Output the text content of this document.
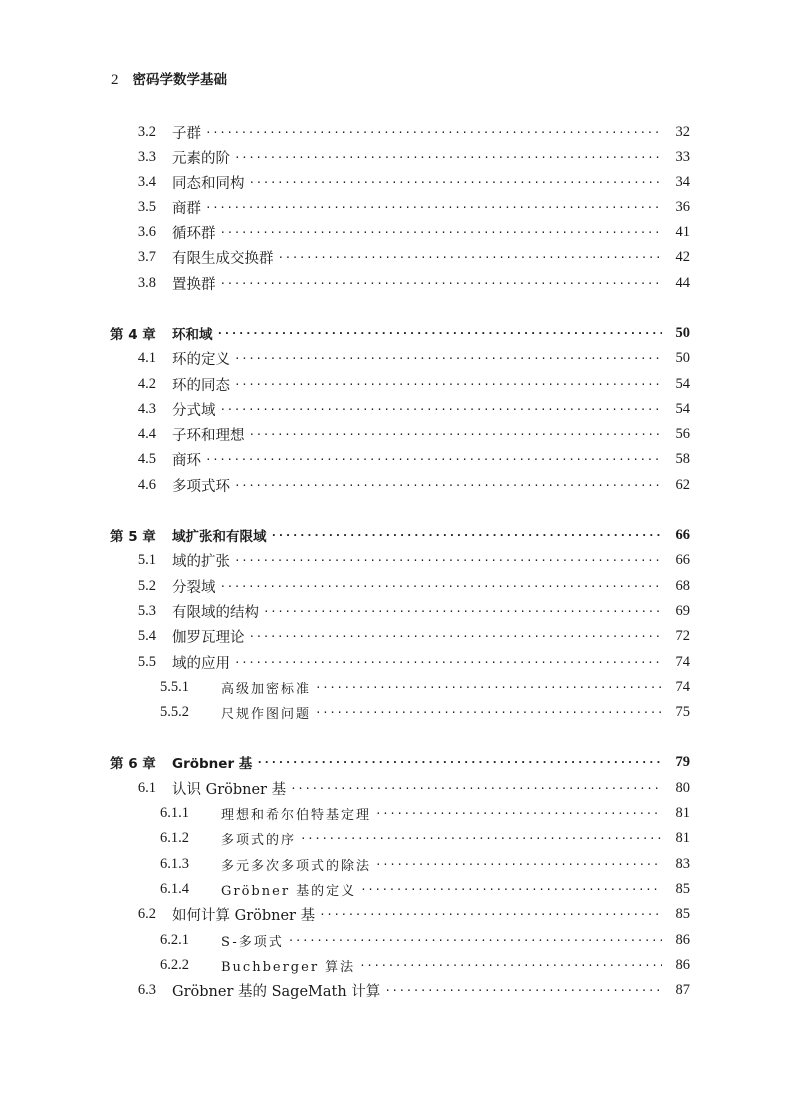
2 密码学数学基础
3.2	子群 ·····	32
3.3	元素的阶 ·····	33
3.4	同态和同构 ·····	34
3.5	商群 ·····	36
3.6	循环群 ·····	41
3.7	有限生成交换群 ·····	42
3.8	置换群 ·····	44
第 4 章	环和域 ·····	50
4.1	环的定义 ·····	50
4.2	环的同态 ·····	54
4.3	分式域 ·····	54
4.4	子环和理想 ·····	56
4.5	商环 ·····	58
4.6	多项式环 ·····	62
第 5 章	域扩张和有限域 ·····	66
5.1	域的扩张 ·····	66
5.2	分裂域 ·····	68
5.3	有限域的结构 ·····	69
5.4	伽罗瓦理论 ·····	72
5.5	域的应用 ·····	74
5.5.1	高级加密标准 ·····	74
5.5.2	尺规作图问题 ·····	75
第 6 章	Gröbner 基 ·····	79
6.1	认识 Gröbner 基 ·····	80
6.1.1	理想和希尔伯特基定理 ·····	81
6.1.2	多项式的序 ·····	81
6.1.3	多元多次多项式的除法 ·····	83
6.1.4	Gröbner 基的定义 ·····	85
6.2	如何计算 Gröbner 基 ·····	85
6.2.1	S-多项式 ·····	86
6.2.2	Buchberger 算法 ·····	86
6.3	Gröbner 基的 SageMath 计算 ·····	87
